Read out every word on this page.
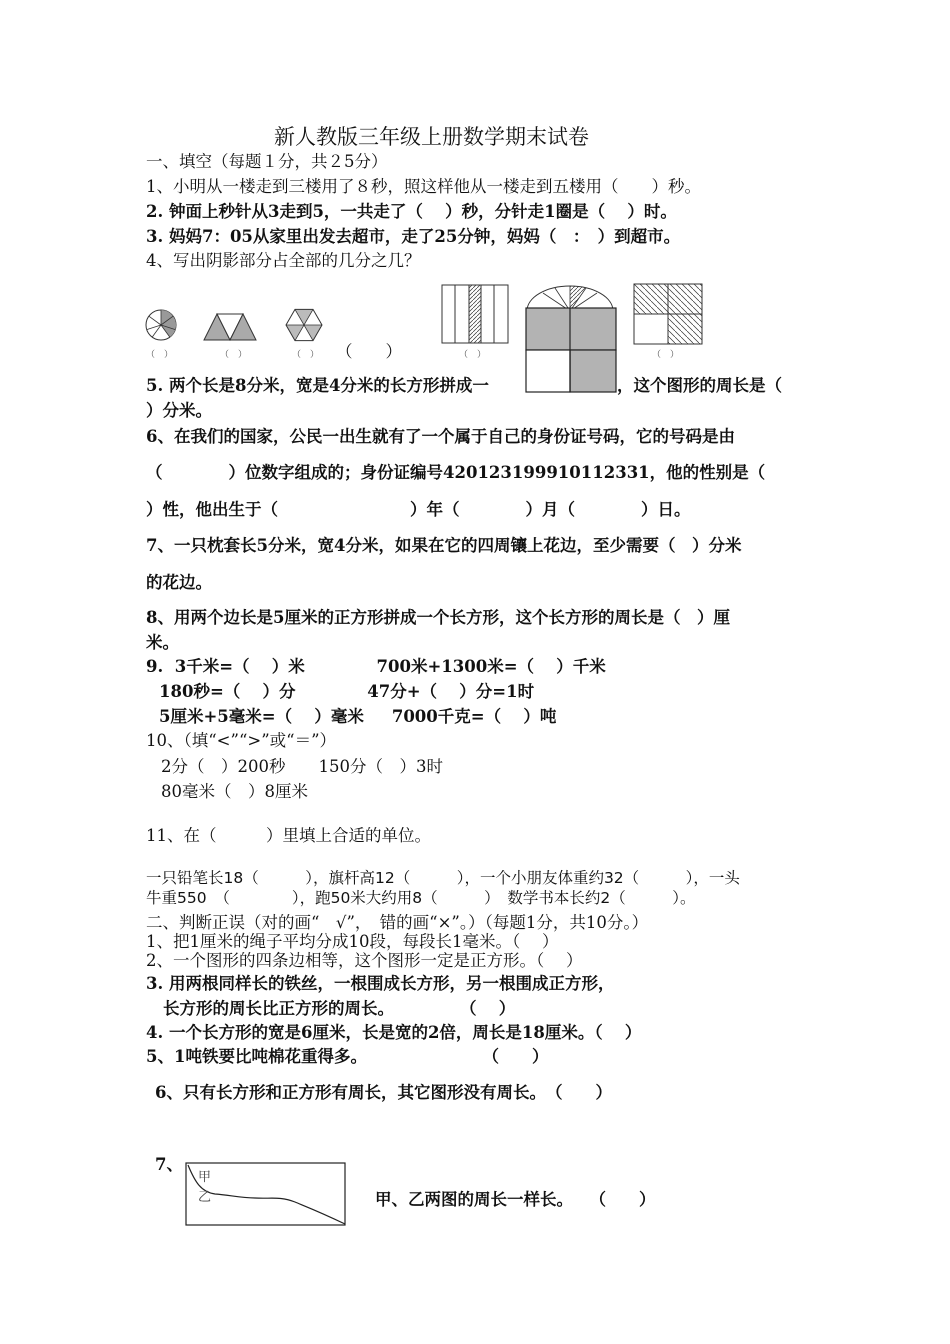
新人教版三年级上册数学期末试卷
一、填空（每题１分，共２5分）
1、小明从一楼走到三楼用了８秒，照这样他从一楼走到五楼用（　　）秒。
2. 钟面上秒针从3走到5，一共走了（　 ）秒，分针走1圈是（　 ）时。
3. 妈妈7：05从家里出发去超市，走了25分钟，妈妈（　：　）到超市。
4、写出阴影部分占全部的几分之几？
（　）	（　）	（　） （　　）	（　）	（　）
5. 两个长是8分米，宽是4分米的长方形拼成一	，这个图形的周长是（
）分米。
6、在我们的国家，公民一出生就有了一个属于自己的身份证号码，它的号码是由
（　　　　）位数字组成的；身份证编号420123199910112331，他的性别是（
）性，他出生于（　　　　　　　　）年（　　　　）月（　　　　）日。
7、一只枕套长5分米，宽4分米，如果在它的四周镶上花边，至少需要（　）分米
的花边。
8、用两个边长是5厘米的正方形拼成一个长方形，这个长方形的周长是（　）厘
米。
9.  3千米=（　 ）米　　　 　700米+1300米=（　 ）千米
180秒=（　 ）分　　　　 47分+（　 ）分=1时
5厘米+5毫米=（　 ）毫米　  7000千克=（　 ）吨
10、（填“<”“>”或“＝”）
2分（　）200秒　　150分（　）3时
80毫米（　）8厘米
11、在（　　　）里填上合适的单位。
一只铅笔长18（　　　），旗杆高12（　　　），一个小朋友体重约32（　　　），一头
牛重550　（　　　　），跑50米大约用8（　　　）　数学书本长约2（　　　）。
二、判断正误（对的画“　√”，　错的画“×”。）（每题1分，共10分。）
1、把1厘米的绳子平均分成10段，每段长1毫米。（　 ）
2、一个图形的四条边相等，这个图形一定是正方形。（　 ）
3. 用两根同样长的铁丝，一根围成长方形，另一根围成正方形，
长方形的周长比正方形的周长。　　　　　（　 ）
4. 一个长方形的宽是6厘米，长是宽的2倍，周长是18厘米。（　 ）
5、1吨铁要比吨棉花重得多。　　　　　　　　（　　）
6、只有长方形和正方形有周长，其它图形没有周长。　（　　）
7、
甲
乙	甲、乙两图的周长一样长。　　（　　）
